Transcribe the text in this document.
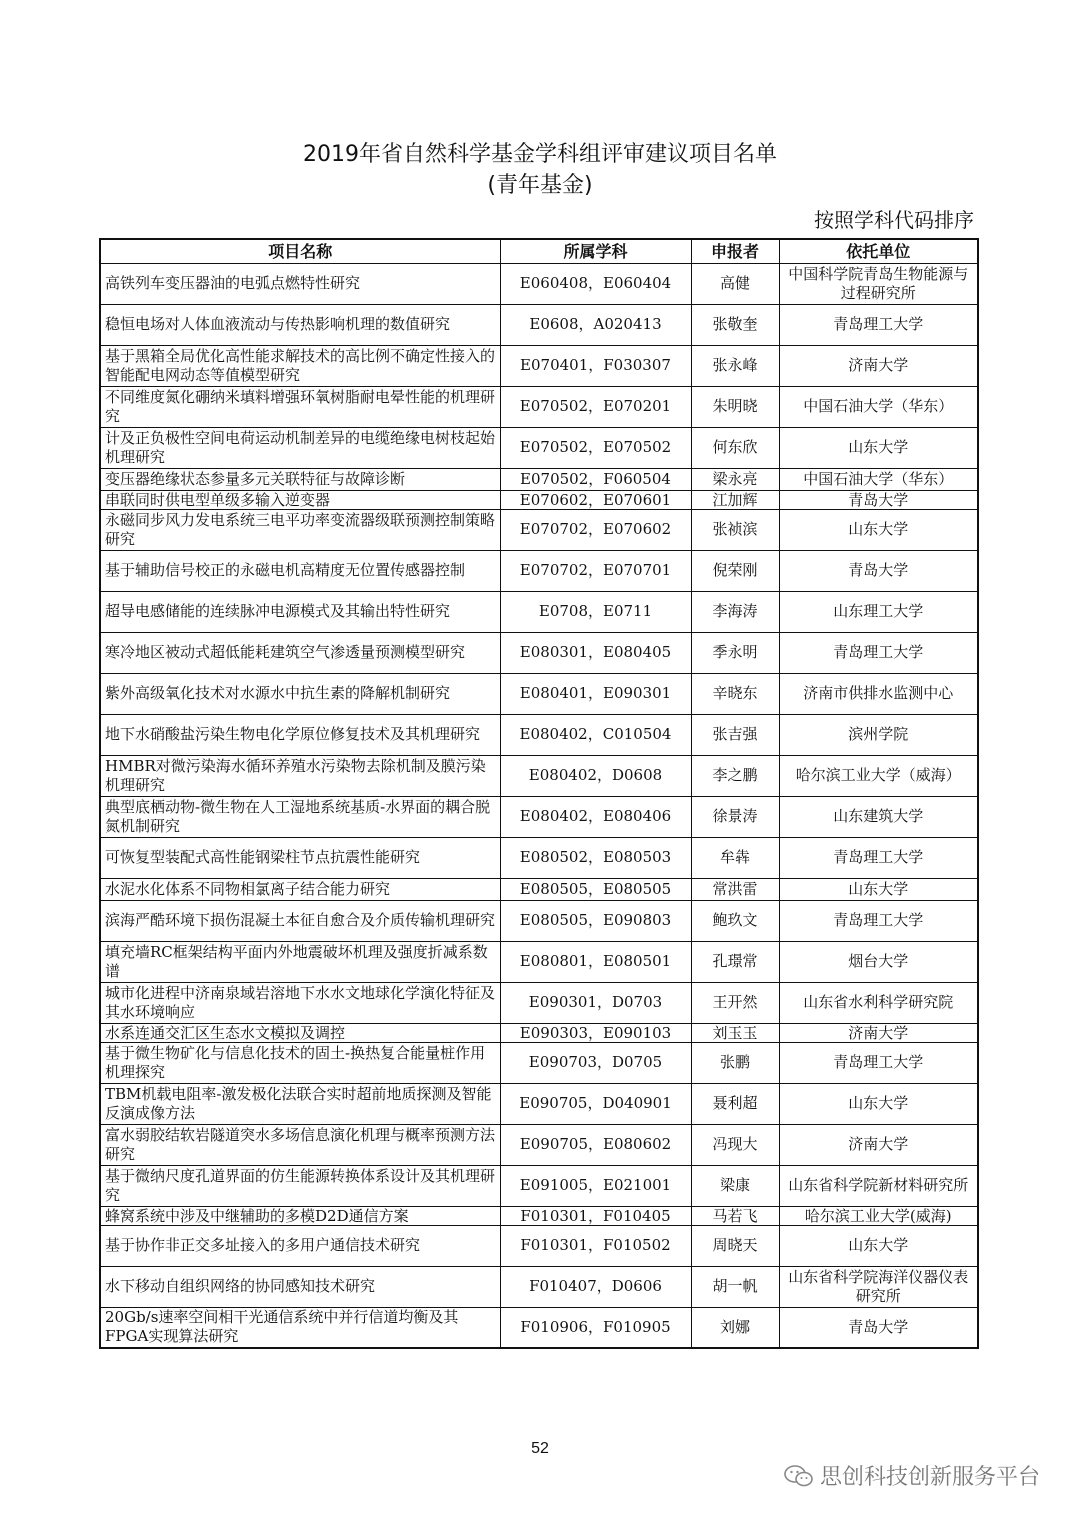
2019年省自然科学基金学科组评审建议项目名单
(青年基金)
按照学科代码排序
项目名称	所属学科	申报者	依托单位

高铁列车变压器油的电弧点燃特性研究	E060408，E060404	高健	中国科学院青岛生物能源与过程研究所

稳恒电场对人体血液流动与传热影响机理的数值研究	E0608，A020413	张敬奎	青岛理工大学

基于黑箱全局优化高性能求解技术的高比例不确定性接入的智能配电网动态等值模型研究	E070401，F030307	张永峰	济南大学

不同维度氮化硼纳米填料增强环氧树脂耐电晕性能的机理研究	E070502，E070201	朱明晓	中国石油大学（华东）

计及正负极性空间电荷运动机制差异的电缆绝缘电树枝起始机理研究	E070502，E070502	何东欣	山东大学

变压器绝缘状态参量多元关联特征与故障诊断	E070502，F060504	梁永亮	中国石油大学（华东）

串联同时供电型单级多输入逆变器	E070602，E070601	江加辉	青岛大学

永磁同步风力发电系统三电平功率变流器级联预测控制策略研究	E070702，E070602	张祯滨	山东大学

基于辅助信号校正的永磁电机高精度无位置传感器控制	E070702，E070701	倪荣刚	青岛大学

超导电感储能的连续脉冲电源模式及其输出特性研究	E0708，E0711	李海涛	山东理工大学

寒冷地区被动式超低能耗建筑空气渗透量预测模型研究	E080301，E080405	季永明	青岛理工大学

紫外高级氧化技术对水源水中抗生素的降解机制研究	E080401，E090301	辛晓东	济南市供排水监测中心

地下水硝酸盐污染生物电化学原位修复技术及其机理研究	E080402，C010504	张吉强	滨州学院

HMBR对微污染海水循环养殖水污染物去除机制及膜污染机理研究	E080402，D0608	李之鹏	哈尔滨工业大学（威海）

典型底栖动物-微生物在人工湿地系统基质-水界面的耦合脱氮机制研究	E080402，E080406	徐景涛	山东建筑大学

可恢复型装配式高性能钢梁柱节点抗震性能研究	E080502，E080503	牟犇	青岛理工大学

水泥水化体系不同物相氯离子结合能力研究	E080505，E080505	常洪雷	山东大学

滨海严酷环境下损伤混凝土本征自愈合及介质传输机理研究	E080505，E090803	鲍玖文	青岛理工大学

填充墙RC框架结构平面内外地震破坏机理及强度折减系数谱	E080801，E080501	孔璟常	烟台大学

城市化进程中济南泉域岩溶地下水水文地球化学演化特征及其水环境响应	E090301，D0703	王开然	山东省水利科学研究院

水系连通交汇区生态水文模拟及调控	E090303，E090103	刘玉玉	济南大学

基于微生物矿化与信息化技术的固土-换热复合能量桩作用机理探究	E090703，D0705	张鹏	青岛理工大学

TBM机载电阻率-激发极化法联合实时超前地质探测及智能反演成像方法	E090705，D040901	聂利超	山东大学

富水弱胶结软岩隧道突水多场信息演化机理与概率预测方法研究	E090705，E080602	冯现大	济南大学

基于微纳尺度孔道界面的仿生能源转换体系设计及其机理研究	E091005，E021001	梁康	山东省科学院新材料研究所

蜂窝系统中涉及中继辅助的多模D2D通信方案	F010301，F010405	马若飞	哈尔滨工业大学(威海)

基于协作非正交多址接入的多用户通信技术研究	F010301，F010502	周晓天	山东大学

水下移动自组织网络的协同感知技术研究	F010407，D0606	胡一帆	山东省科学院海洋仪器仪表研究所

20Gb/s速率空间相干光通信系统中并行信道均衡及其FPGA实现算法研究	F010906，F010905	刘娜	青岛大学
52
思创科技创新服务平台
